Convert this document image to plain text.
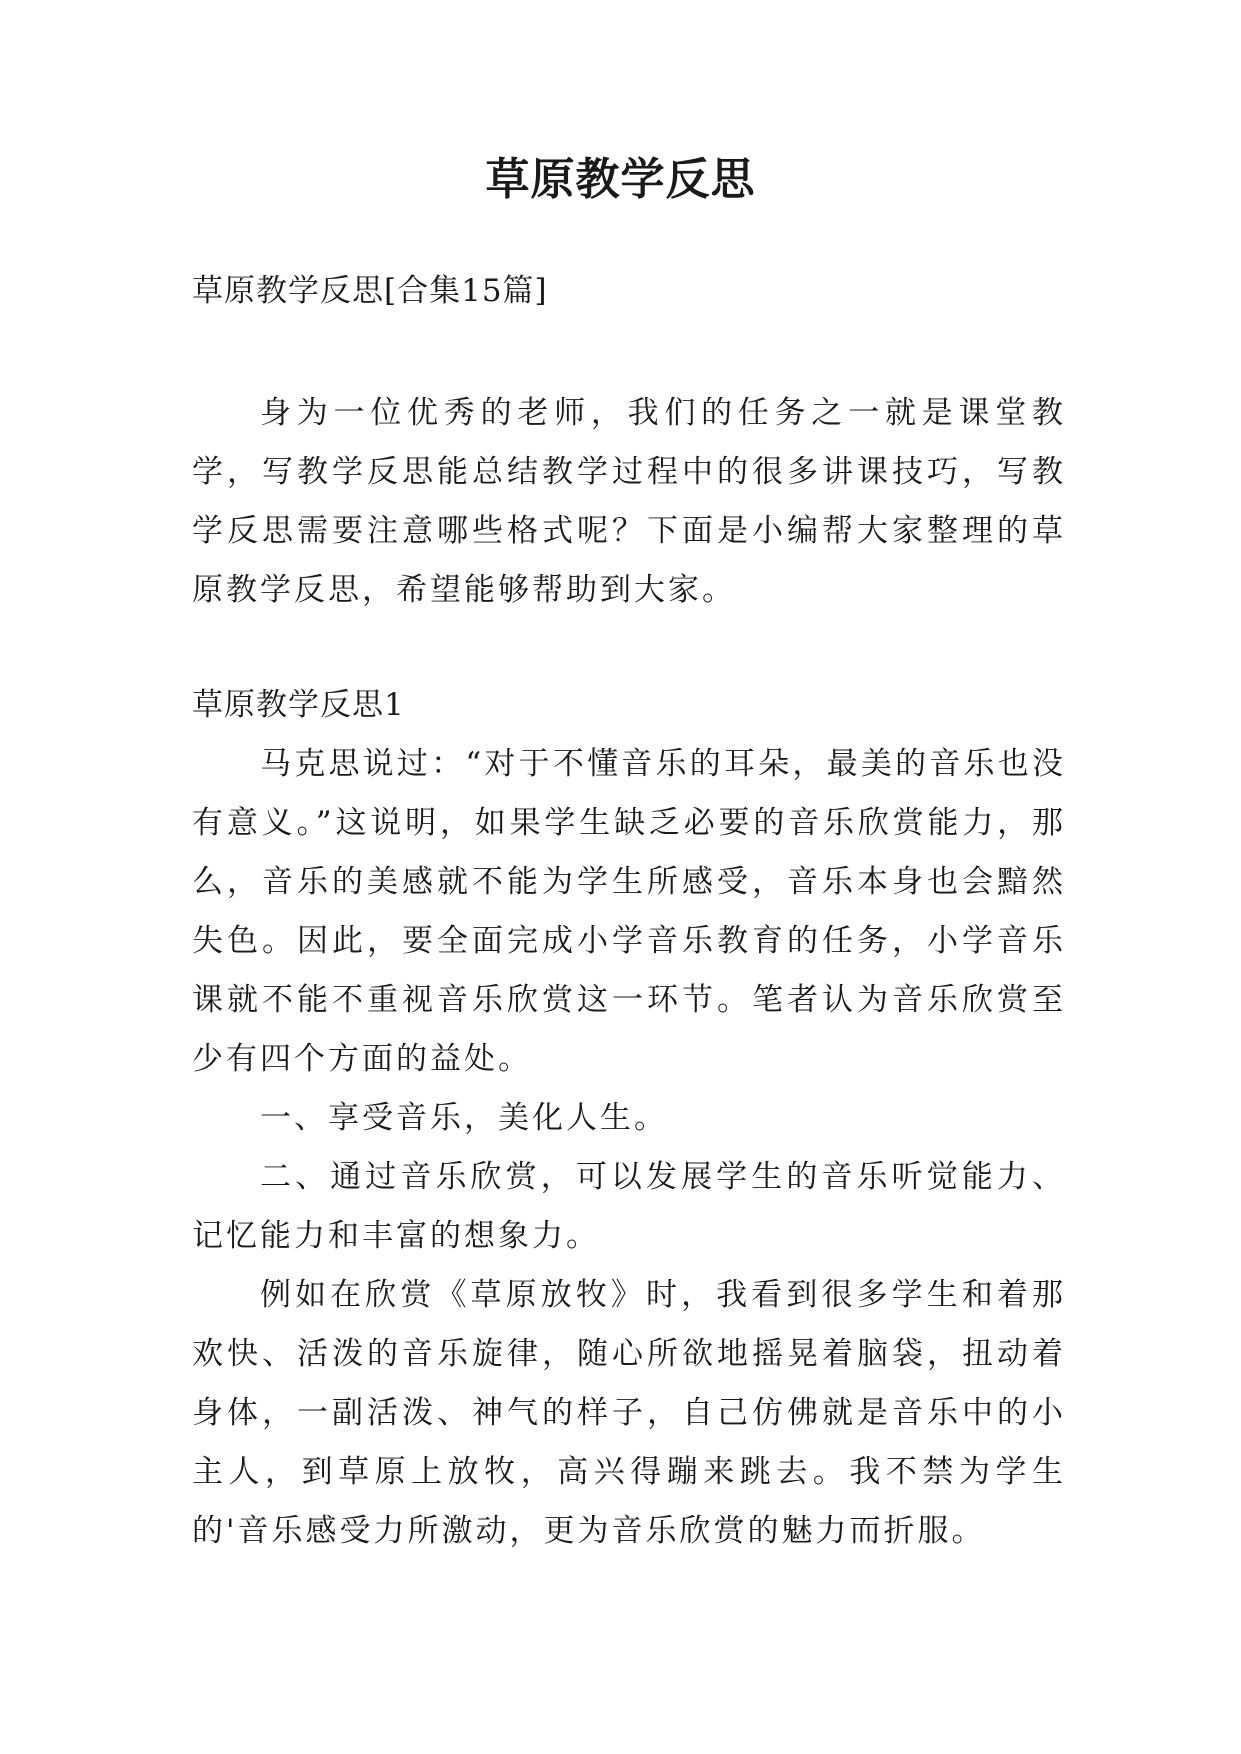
草原教学反思

草原教学反思[合集15篇]

身为一位优秀的老师，我们的任务之一就是课堂教学，写教学反思能总结教学过程中的很多讲课技巧，写教学反思需要注意哪些格式呢？下面是小编帮大家整理的草原教学反思，希望能够帮助到大家。

草原教学反思1

马克思说过：“对于不懂音乐的耳朵，最美的音乐也没有意义。”这说明，如果学生缺乏必要的音乐欣赏能力，那么，音乐的美感就不能为学生所感受，音乐本身也会黯然失色。因此，要全面完成小学音乐教育的任务，小学音乐课就不能不重视音乐欣赏这一环节。笔者认为音乐欣赏至少有四个方面的益处。

一、享受音乐，美化人生。

二、通过音乐欣赏，可以发展学生的音乐听觉能力、记忆能力和丰富的想象力。

例如在欣赏《草原放牧》时，我看到很多学生和着那欢快、活泼的音乐旋律，随心所欲地摇晃着脑袋，扭动着身体，一副活泼、神气的样子，自己仿佛就是音乐中的小主人，到草原上放牧，高兴得蹦来跳去。我不禁为学生的'音乐感受力所激动，更为音乐欣赏的魅力而折服。
